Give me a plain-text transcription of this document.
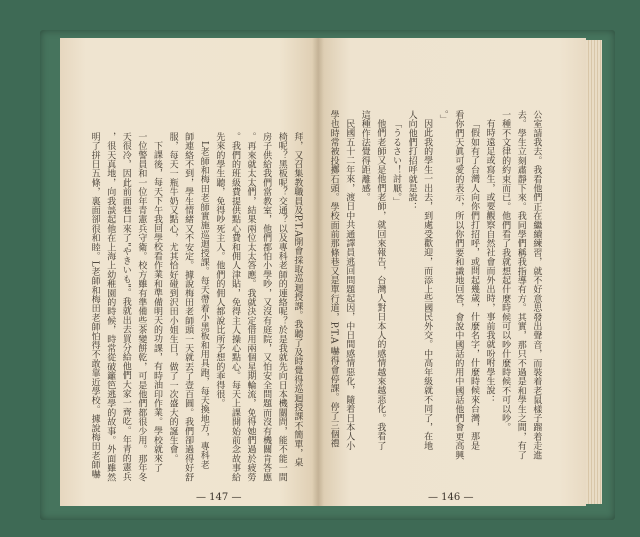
拜，又召集教職員及P.T.A開會採取巡迴授課。我聽了及時覺得巡迴授課不簡單，桌
椅呢？黑板呢？交通？以及專科老師的連絡呢？於是我就先向日本機關問，能不能一間
房子供給我們當教室，他們都怕小學吵，又沒有庭院，又怕安全問題而沒有機關肯答應
。再來就太太們，結果兩位太太答應。我就決定借用兩個星期輪流，免得她們過於疲勞
。我們的班級費提供點心費和佣人津貼，免得主人操心點心。每天上課開始前念故事給
先來的學生聽，免得吵死主人。他們的佣人都說比所予想的乖得很。
L老師和梅田老師實施巡迴授課。每天帶着小黑板和用具跑，每天換地方，專科老
師連絡不到，學生情緒又不安定。據說梅田老師頭一天就丟了壹百圓。我們卻過得好舒
服，每天一瓶牛奶又點心，尤其恰好碰到沢田小姐生日，做了一次盛大的誕生會。
下課後，每天下午我回學校看作業和準備明天的功課，有時油印作業。學校就來了
一位警員和一位年青憲兵守衛。校方雖有準備些茶變餅乾，可是他們都很少用。那年冬
天很冷，因此前面巷口來了"やきいも"。我就出去買分給他們大家一齊吃。年青的憲兵
，很天真地，向我談起他在上海上幼稚園的時候，時常從破籬笆逃學的故事。外面雖然
明了拼日五條，裏面卻很和睦。L老師和梅田老師怕得不敢靠近學校。據說梅田老師嚇
— 147 —
公室請我去。我看他們正在繼續練習，就不好意思發出聲音，而裝着老鼠樣子蹓着走進
去。學生立刻肅靜下來。我同學們稱我指導有方。其實，那只不過是和學生之間，有了
一種不文律的約束而已。他們看了我就想起什麼時候可以吵什麼時候不可以吵。
有時遠足或寫生，或要觀察自然社會而外出時，事前我就吩咐學生說：
「假如有了台灣人向你們打招呼，或問起幾歲，什麼名字，什麼時候來台灣，那是
看你們天眞可愛的表示，所以你們要和識地回答，會說中國話的用中國話他們會更高興
。」
因此我的學生一出去，到處受歡迎，而添上些國民外交。中高年級就不同了，在地
人向他們打招呼就是說：
「うるさい！討厭。」
他們老師又是他們老師，就回來報告，台灣人對日本人的感情越來越惡化。我看了
這種作法覺得距離感。
民國五十二年來，渡日中共通譯員逃回問題起因，中日間感情惡化，隨着日本人小
學也時常被投擲石頭。學校面前那條巷又是單行道，P.T.A 嚇得會停課。停了三個禮
— 146 —
